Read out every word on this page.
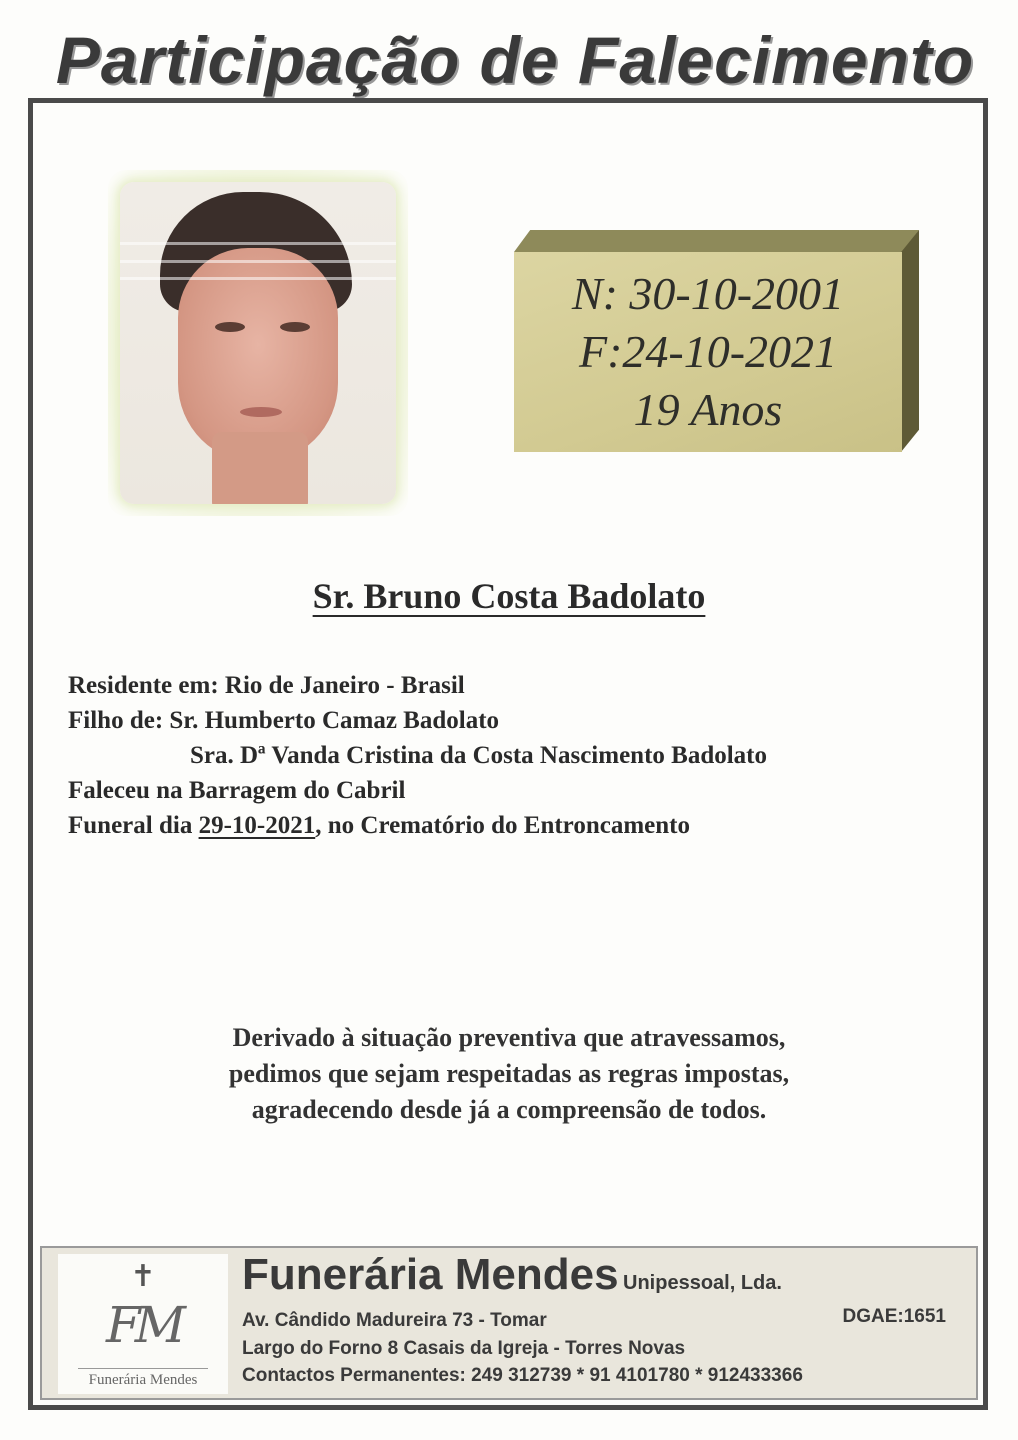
Participação de Falecimento
N: 30-10-2001
F:24-10-2021
19 Anos
Sr. Bruno Costa Badolato
Residente em: Rio de Janeiro - Brasil
Filho de: Sr. Humberto Camaz Badolato
Sra. Dª Vanda Cristina da Costa Nascimento Badolato
Faleceu na Barragem do Cabril
Funeral dia 29-10-2021, no Crematório do Entroncamento
Derivado à situação preventiva que atravessamos,
pedimos que sejam respeitadas as regras impostas,
agradecendo desde já a compreensão de todos.
✝
FM
Funerária Mendes
Funerária Mendes Unipessoal, Lda.
Av. Cândido Madureira 73 - Tomar	DGAE:1651
Largo do Forno 8 Casais da Igreja - Torres Novas
Contactos Permanentes: 249 312739 * 91 4101780 * 912433366
